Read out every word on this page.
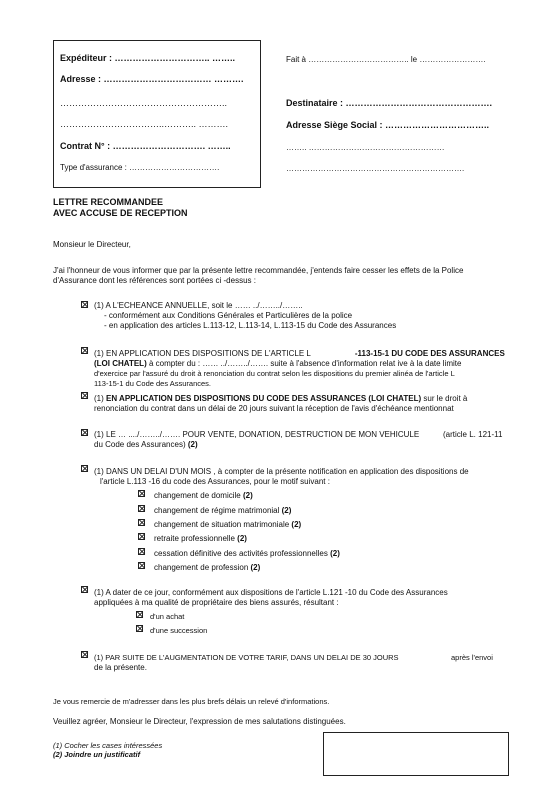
Expéditeur : ………………………….. ……..
Adresse : ……………………………… ……….
………………………………………………..
……………………………..……….. ……….
Contrat N° : …………………………. ……..
Type d'assurance : …………………………….
Fait à ……………………………….. le …………………….
Destinataire : ………………………………………….
Adresse Siège Social : ……………………………..
…….. ……………………………………………
………………………………………………………….
LETTRE RECOMMANDEE
AVEC ACCUSE DE RECEPTION
Monsieur le Directeur,
J'ai l'honneur de vous informer que par la présente lettre recommandée, j'entends faire cesser les effets de la Police
d'Assurance dont les références sont portées ci -dessus :
(1) A L'ECHEANCE ANNUELLE, soit le …… ../……../……..
- conformément aux Conditions Générales et Particulières de la police
- en application des articles L.113-12, L.113-14, L.113-15 du Code des Assurances
(1) EN APPLICATION DES DISPOSITIONS DE L'ARTICLE L	-113-15-1 DU CODE DES ASSURANCES
(LOI CHATEL) à compter du : …… ../……../……. suite à l'absence d'information relat ive à la date limite
d'exercice par l'assuré du droit à renonciation du contrat selon les dispositions du premier alinéa de l'article L
113-15-1 du Code des Assurances.
(1) EN APPLICATION DES DISPOSITIONS DU CODE DES ASSURANCES (LOI CHATEL) sur le droit à
renonciation du contrat dans un délai de 20 jours suivant la réception de l'avis d'échéance mentionnat
(1) LE … ..../……../……. POUR VENTE, DONATION, DESTRUCTION DE MON VEHICULE	(article L. 121-11
du Code des Assurances) (2)
(1) DANS UN DELAI D'UN MOIS , à compter de la présente notification en application des dispositions de
l'article L.113 -16 du code des Assurances, pour le motif suivant :
changement de domicile (2)
changement de régime matrimonial (2)
changement de situation matrimoniale (2)
retraite professionnelle (2)
cessation définitive des activités professionnelles (2)
changement de profession (2)
(1) A dater de ce jour, conformément aux dispositions de l'article L.121 -10 du Code des Assurances
appliquées à ma qualité de propriétaire des biens assurés, résultant :
d'un achat
d'une succession
(1) PAR SUITE DE L'AUGMENTATION DE VOTRE TARIF, DANS UN DELAI DE 30 JOURS	après l'envoi
de la présente.
Je vous remercie de m'adresser dans les plus brefs délais un relevé d'informations.
Veuillez agréer, Monsieur le Directeur, l'expression de mes salutations distinguées.
(1) Cocher les cases intéressées
(2) Joindre un justificatif
